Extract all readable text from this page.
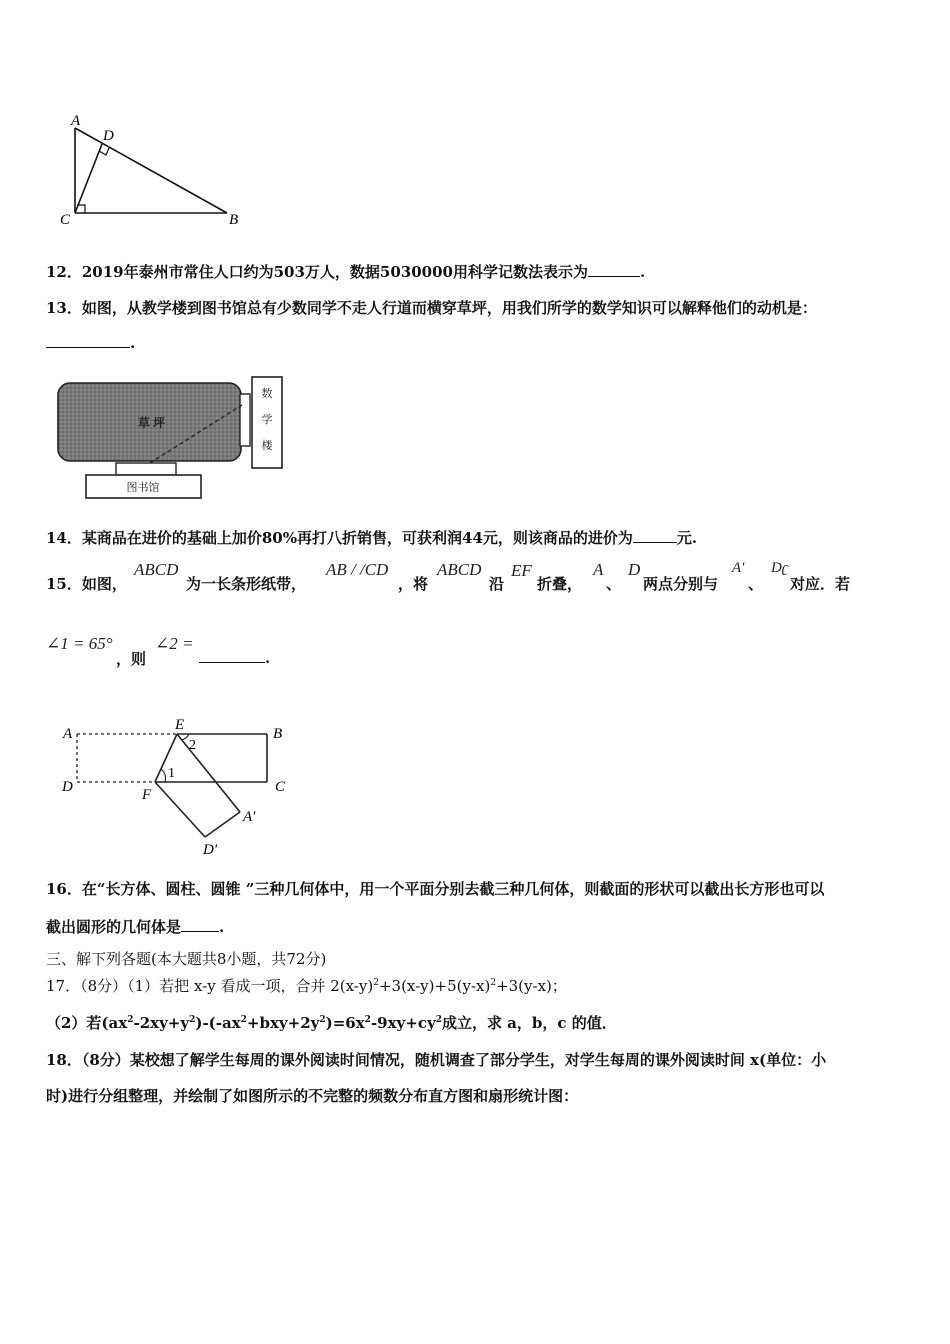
A
D
C	B
12．2019年泰州市常住人口约为503万人，数据5030000用科学记数法表示为	.
13．如图，从教学楼到图书馆总有少数同学不走人行道而横穿草坪，用我们所学的数学知识可以解释他们的动机是：
.
草 坪
数学楼
图书馆
14．某商品在进价的基础上加价80%再打八折销售，可获利润44元，则该商品的进价为	元.
15．如图，
ABCD
为一长条形纸带，
AB / /CD
，将
ABCD
沿
EF
折叠，
A
、
D
两点分别与
A′
、
Dʗ
对应．若
∠1 = 65°
，则
∠2 =
.
A
E
B
2
1
D	F	C
A′
D′
16．在“长方体、圆柱、圆锥 ”三种几何体中，用一个平面分别去截三种几何体，则截面的形状可以截出长方形也可以
截出圆形的几何体是	.
三、解下列各题(本大题共8小题，共72分)
17．（8分）（1）若把 x-y 看成一项，合并 $2(x-y)^2+3(x-y)+5(y-x)^2+3(y-x)$；
（2）若$(ax^2-2xy+y^2)-(-ax^2+bxy+2y^2)=6x^2-9xy+cy^2$成立，求 a，b，c 的值．
18．（8分）某校想了解学生每周的课外阅读时间情况，随机调查了部分学生，对学生每周的课外阅读时间 x(单位：小
时)进行分组整理，并绘制了如图所示的不完整的频数分布直方图和扇形统计图：
